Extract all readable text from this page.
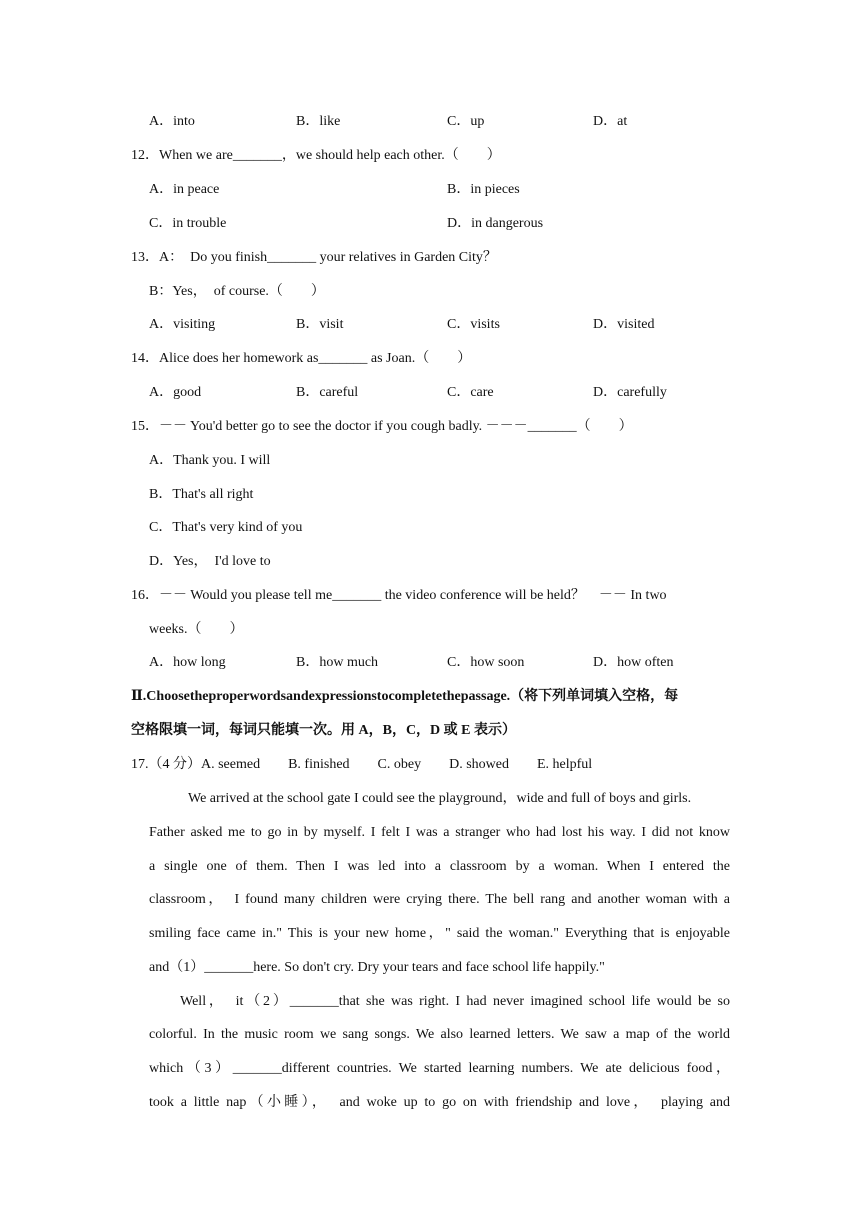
A．into	B．like	C．up	D．at
12．When we are_______，we should help each other.（　　）
A．in peace	B．in pieces
C．in trouble	D．in dangerous
13．A：　Do you finish_______ your relatives in Garden City？
B：Yes，　of course.（　　）
A．visiting	B．visit	C．visits	D．visited
14．Alice does her homework as_______ as Joan.（　　）
A．good	B．careful	C．care	D．carefully
15．－－ You'd better go to see the doctor if you cough badly. －－－_______（　　）
A．Thank you. I will
B．That's all right
C．That's very kind of you
D．Yes，　I'd love to
16．－－ Would you please tell me_______ the video conference will be held？　－－ In two
weeks.（　　）
A．how long	B．how much	C．how soon	D．how often
Ⅱ.Choosetheproperwordsandexpressionstocompletethepassage.（将下列单词填入空格，每
空格限填一词，每词只能填一次。用 A，B，C，D 或 E 表示）
17.（4 分）A. seemed　　B. finished　　C. obey　　D. showed　　E. helpful
We arrived at the school gate I could see the playground，wide and full of boys and girls.
Father asked me to go in by myself. I felt I was a stranger who had lost his way. I did not know
a single one of them. Then I was led into a classroom by a woman. When I entered the
classroom，　I found many children were crying there. The bell rang and another woman with a
smiling face came in." This is your new home，" said the woman." Everything that is enjoyable
and（1）_______here. So don't cry. Dry your tears and face school life happily."
Well，　it（2）_______that she was right. I had never imagined school life would be so
colorful. In the music room we sang songs. We also learned letters. We saw a map of the world
which（3）_______different countries. We started learning numbers. We ate delicious food，
took a little nap（小睡），　and woke up to go on with friendship and love，　playing and
